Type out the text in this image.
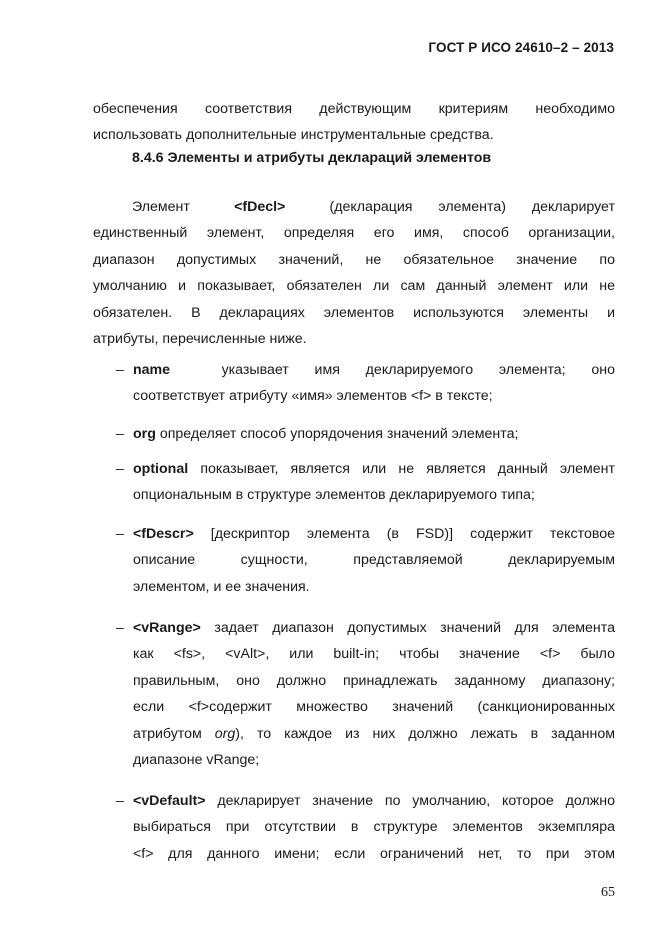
ГОСТ Р ИСО 24610–2 – 2013
обеспечения соответствия действующим критериям необходимо
использовать дополнительные инструментальные средства.
8.4.6 Элементы и атрибуты деклараций элементов
Элемент	<fDecl>	(декларация элемента) декларирует
единственный элемент, определяя его имя, способ организации,
диапазон допустимых значений, не обязательное значение по
умолчанию и показывает, обязателен ли сам данный элемент или не
обязателен. В декларациях элементов используются элементы и
атрибуты, перечисленные ниже.
– name	указывает имя декларируемого элемента; оно
соответствует атрибуту «имя» элементов <f> в тексте;
– org определяет способ упорядочения значений элемента;
– optional показывает, является или не является данный элемент
опциональным в структуре элементов декларируемого типа;
– <fDescr> [дескриптор элемента (в FSD)] содержит текстовое
описание сущности, представляемой декларируемым
элементом, и ее значения.
– <vRange> задает диапазон допустимых значений для элемента
как <fs>, <vAlt>, или built-in; чтобы значение <f> было
правильным, оно должно принадлежать заданному диапазону;
если <f>содержит множество значений (санкционированных
атрибутом org), то каждое из них должно лежать в заданном
диапазоне vRange;
– <vDefault> декларирует значение по умолчанию, которое должно
выбираться при отсутствии в структуре элементов экземпляра
<f> для данного имени; если ограничений нет, то при этом
65
